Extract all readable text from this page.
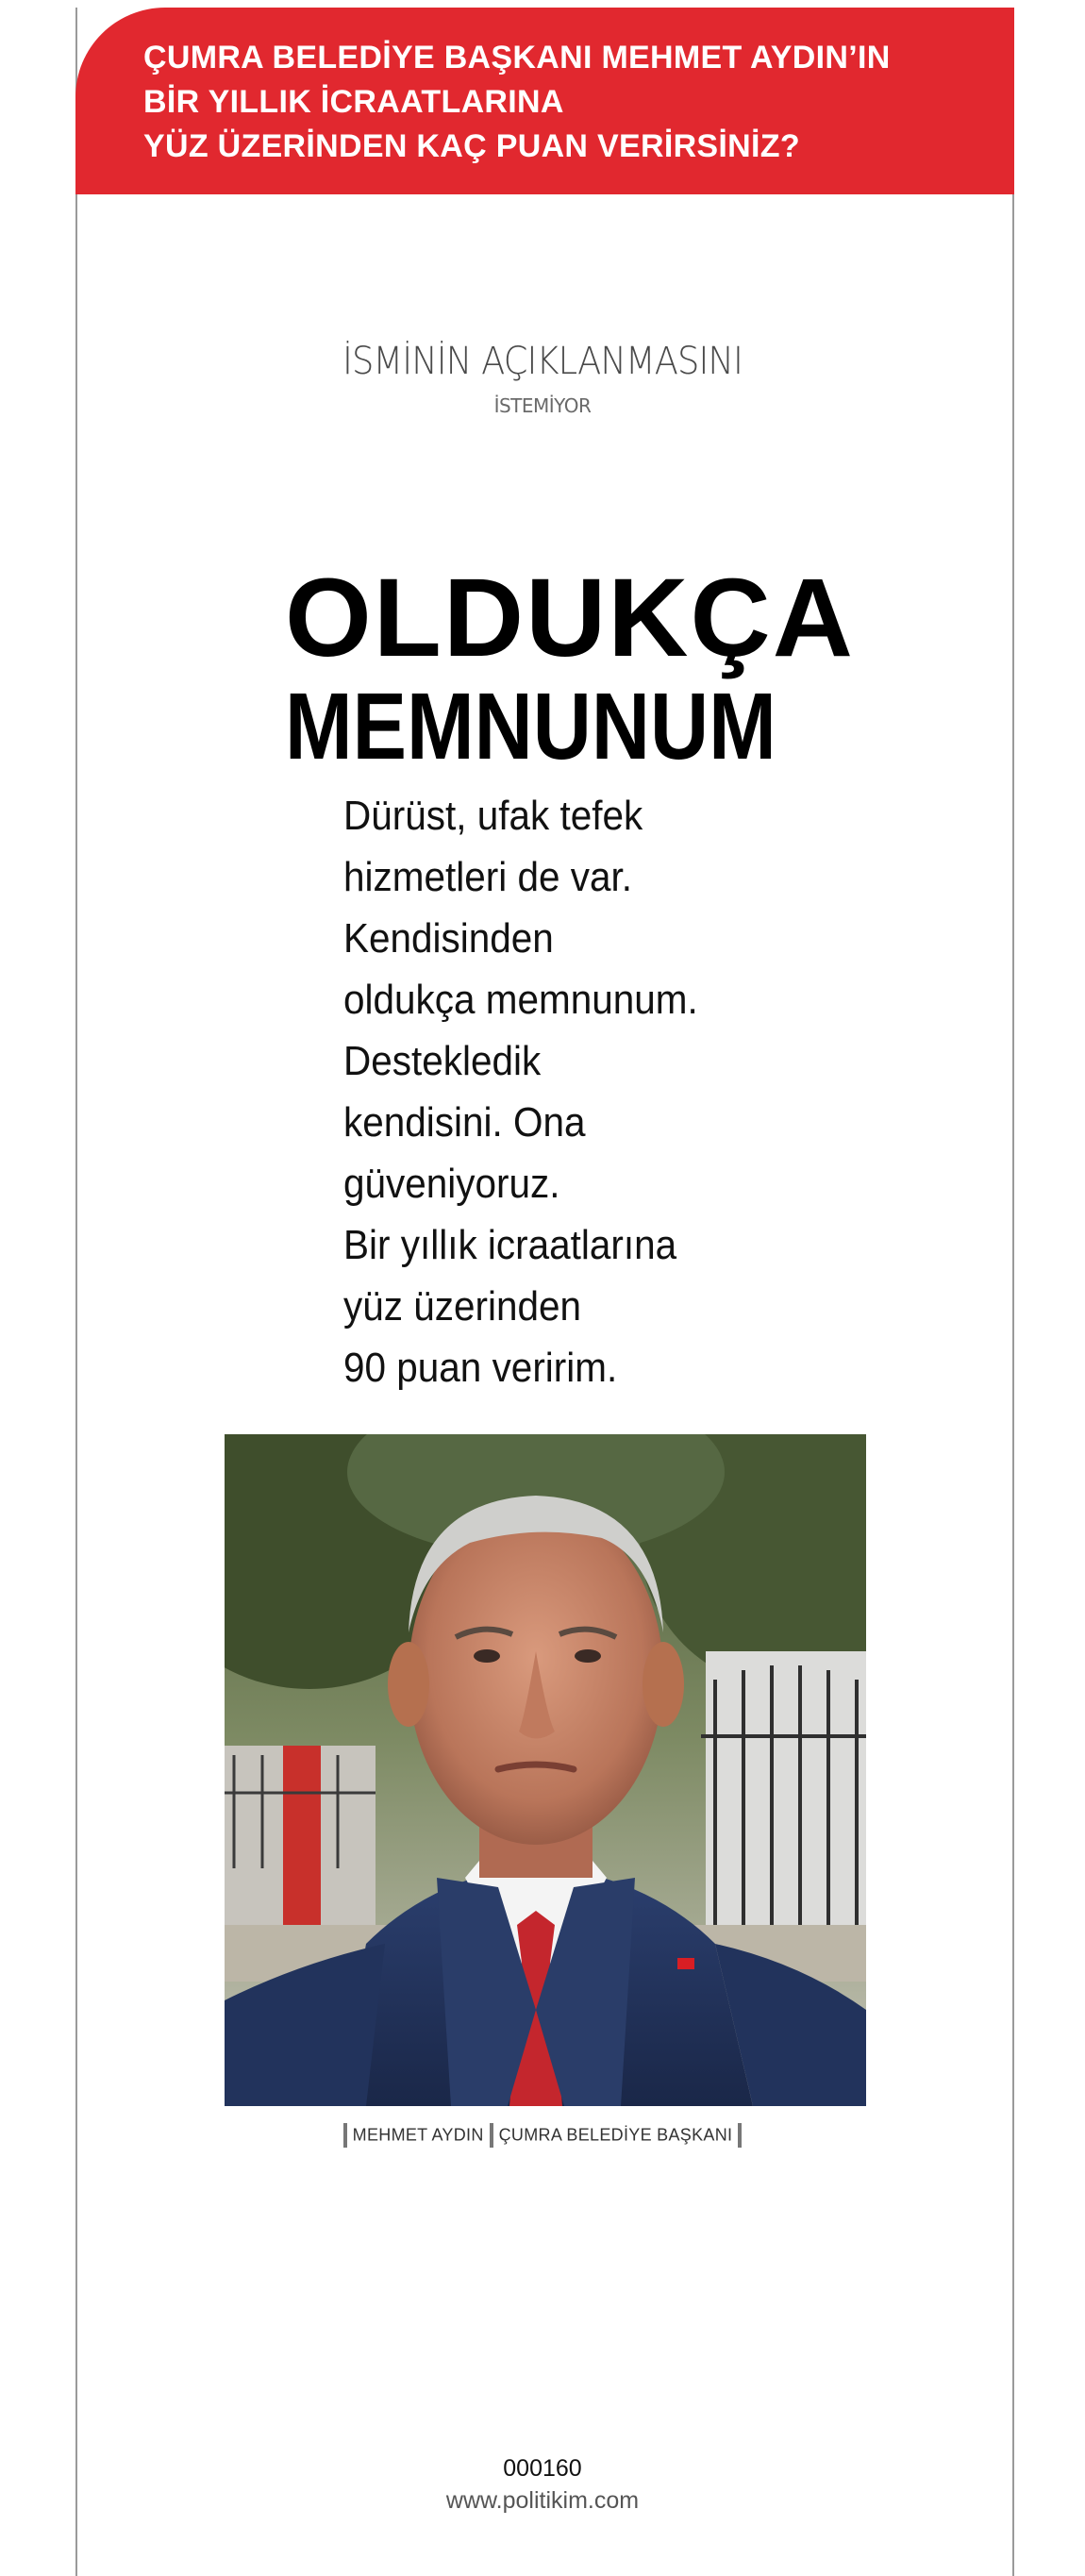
ÇUMRA BELEDİYE BAŞKANI MEHMET AYDIN’IN
BİR YILLIK İCRAATLARINA
YÜZ ÜZERİNDEN KAÇ PUAN VERİRSİNİZ?
İSMİNİN AÇIKLANMASINI
İSTEMİYOR
OLDUKÇA
MEMNUNUM
Dürüst, ufak tefek
hizmetleri de var.
Kendisinden
oldukça memnunum.
Destekledik
kendisini. Ona
güveniyoruz.
Bir yıllık icraatlarına
yüz üzerinden
90 puan veririm.
MEHMET AYDIN ÇUMRA BELEDİYE BAŞKANI
000160
www.politikim.com
